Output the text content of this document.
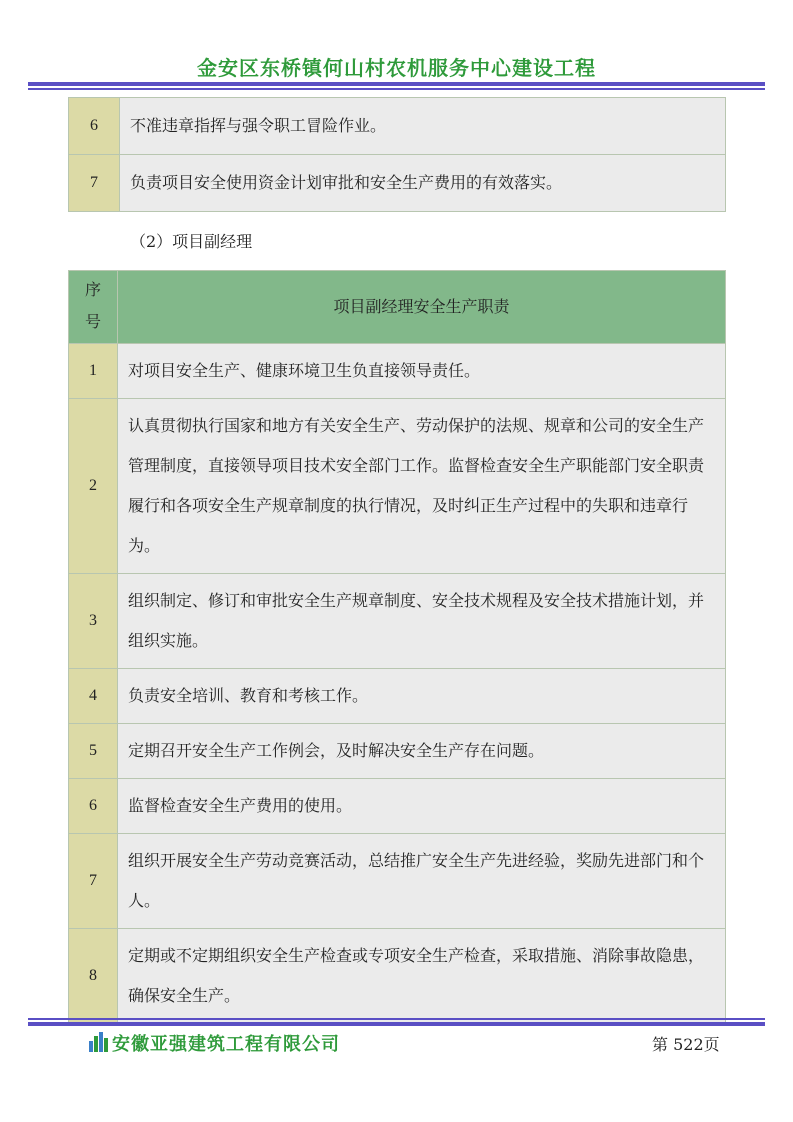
金安区东桥镇何山村农机服务中心建设工程
6	不准违章指挥与强令职工冒险作业。
7	负责项目安全使用资金计划审批和安全生产费用的有效落实。
（2）项目副经理
序号	项目副经理安全生产职责
1	对项目安全生产、健康环境卫生负直接领导责任。
2	认真贯彻执行国家和地方有关安全生产、劳动保护的法规、规章和公司的安全生产管理制度，直接领导项目技术安全部门工作。监督检查安全生产职能部门安全职责履行和各项安全生产规章制度的执行情况，及时纠正生产过程中的失职和违章行为。
3	组织制定、修订和审批安全生产规章制度、安全技术规程及安全技术措施计划，并组织实施。
4	负责安全培训、教育和考核工作。
5	定期召开安全生产工作例会，及时解决安全生产存在问题。
6	监督检查安全生产费用的使用。
7	组织开展安全生产劳动竞赛活动，总结推广安全生产先进经验，奖励先进部门和个人。
8	定期或不定期组织安全生产检查或专项安全生产检查，采取措施、消除事故隐患，确保安全生产。
安徽亚强建筑工程有限公司	第 522页
